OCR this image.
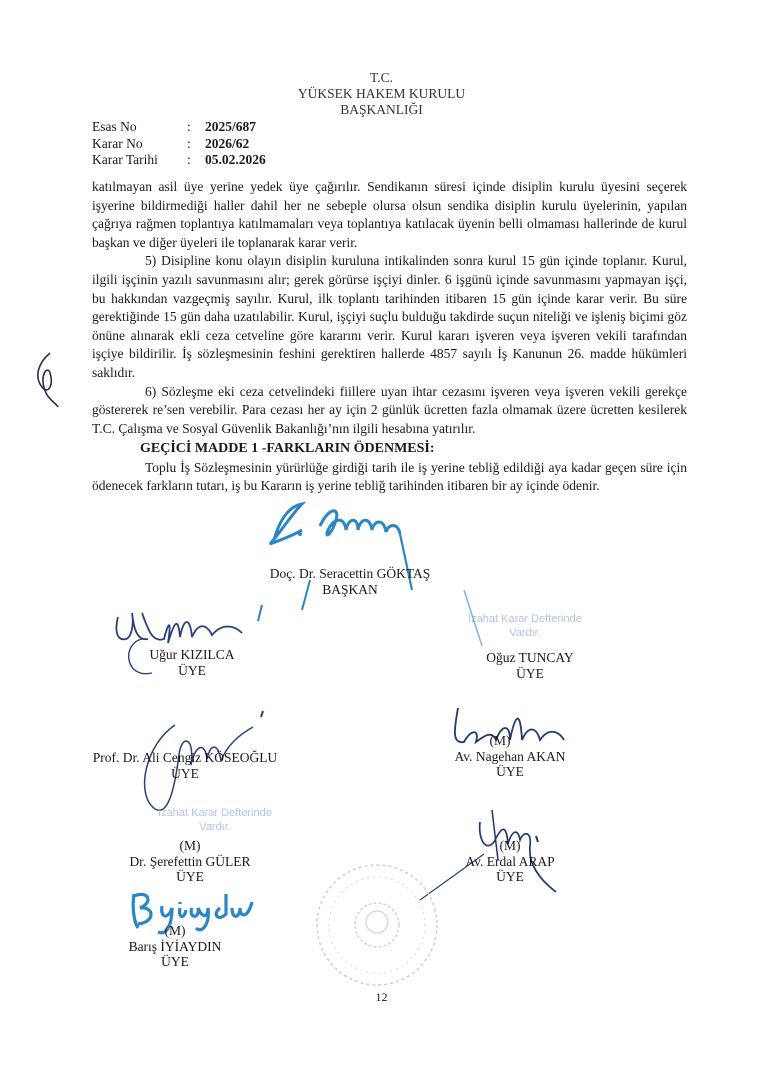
T.C.
YÜKSEK HAKEM KURULU
BAŞKANLIĞI
Esas No	: 2025/687
Karar No	: 2026/62
Karar Tarihi : 05.02.2026

katılmayan asil üye yerine yedek üye çağırılır. Sendikanın süresi içinde disiplin kurulu üyesini seçerek işyerine bildirmediği haller dahil her ne sebeple olursa olsun sendika disiplin kurulu üyelerinin, yapılan çağrıya rağmen toplantıya katılmamaları veya toplantıya katılacak üyenin belli olmaması hallerinde de kurul başkan ve diğer üyeleri ile toplanarak karar verir.

5) Disipline konu olayın disiplin kuruluna intikalinden sonra kurul 15 gün içinde toplanır. Kurul, ilgili işçinin yazılı savunmasını alır; gerek görürse işçiyi dinler. 6 işgünü içinde savunmasını yapmayan işçi, bu hakkından vazgeçmiş sayılır. Kurul, ilk toplantı tarihinden itibaren 15 gün içinde karar verir. Bu süre gerektiğinde 15 gün daha uzatılabilir. Kurul, işçiyi suçlu bulduğu takdirde suçun niteliği ve işleniş biçimi göz önüne alınarak ekli ceza cetveline göre kararını verir. Kurul kararı işveren veya işveren vekili tarafından işçiye bildirilir. İş sözleşmesinin feshini gerektiren hallerde 4857 sayılı İş Kanunun 26. madde hükümleri saklıdır.

6) Sözleşme eki ceza cetvelindeki fiillere uyan ihtar cezasını işveren veya işveren vekili gerekçe göstererek re’sen verebilir. Para cezası her ay için 2 günlük ücretten fazla olmamak üzere ücretten kesilerek T.C. Çalışma ve Sosyal Güvenlik Bakanlığı’nın ilgili hesabına yatırılır.

GEÇİCİ MADDE 1 -FARKLARIN ÖDENMESİ:

Toplu İş Sözleşmesinin yürürlüğe girdiği tarih ile iş yerine tebliğ edildiği aya kadar geçen süre için ödenecek farkların tutarı, iş bu Kararın iş yerine tebliğ tarihinden itibaren bir ay içinde ödenir.

Doç. Dr. Seracettin GÖKTAŞ
BAŞKAN
Uğur KIZILCA
ÜYE
İzahat Karar Defterinde
Vardır.
Oğuz TUNCAY
ÜYE
Prof. Dr. Ali Cengiz KÖSEOĞLU
ÜYE
(M)
Av. Nagehan AKAN
ÜYE
İzahat Karar Defterinde
Vardır.
(M)
Dr. Şerefettin GÜLER
ÜYE
(M)
Av. Erdal ARAP
ÜYE
(M)
Barış İYİAYDIN
ÜYE
12
